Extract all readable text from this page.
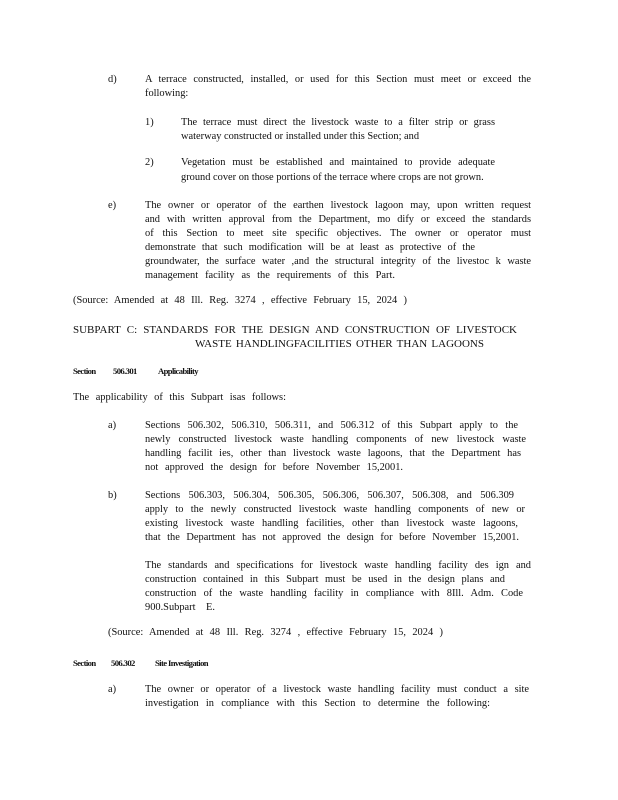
d)	A terrace constructed, installed, or used for this Section must meet or exceed the
following:
1)	The terrace must direct the livestock waste to a filter strip or grass
waterway constructed or installed under this Section; and
2)	Vegetation must be established and maintained to provide adequate
ground cover on those portions of the terrace where crops are not grown.
e)	The owner or operator of the earthen livestock lagoon may, upon written request
and with written approval from the Department, mo dify or exceed the standards
of this Section to meet site specific objectives. The owner or operator must
demonstrate that such modification will be at least as protective of the
groundwater, the surface water ,and the structural integrity of the livestoc k waste
management facility as the requirements of this Part.
(Source: Amended at 48 Ill. Reg. 3274 , effective February 15, 2024 )
SUBPART C: STANDARDS FOR THE DESIGN AND CONSTRUCTION OF LIVESTOCK
WASTE HANDLINGFACILITIES OTHER THAN LAGOONS
Section 506.301 Applicability
The applicability of this Subpart isas follows:
a)	Sections 506.302, 506.310, 506.311, and 506.312 of this Subpart apply to the
newly constructed livestock waste handling components of new livestock waste
handling facilit ies, other than livestock waste lagoons, that the Department has
not approved the design for before November 15,2001.
b)	Sections 506.303, 506.304, 506.305, 506.306, 506.307, 506.308, and 506.309
apply to the newly constructed livestock waste handling components of new or
existing livestock waste handling facilities, other than livestock waste lagoons,
that the Department has not approved the design for before November 15,2001.
The standards and specifications for livestock waste handling facility des ign and
construction contained in this Subpart must be used in the design plans and
construction of the waste handling facility in compliance with 8Ill. Adm. Code
900.Subpart E.
(Source: Amended at 48 Ill. Reg. 3274 , effective February 15, 2024 )
Section 506.302 Site Investigation
a)	The owner or operator of a livestock waste handling facility must conduct a site
investigation in compliance with this Section to determine the following:
